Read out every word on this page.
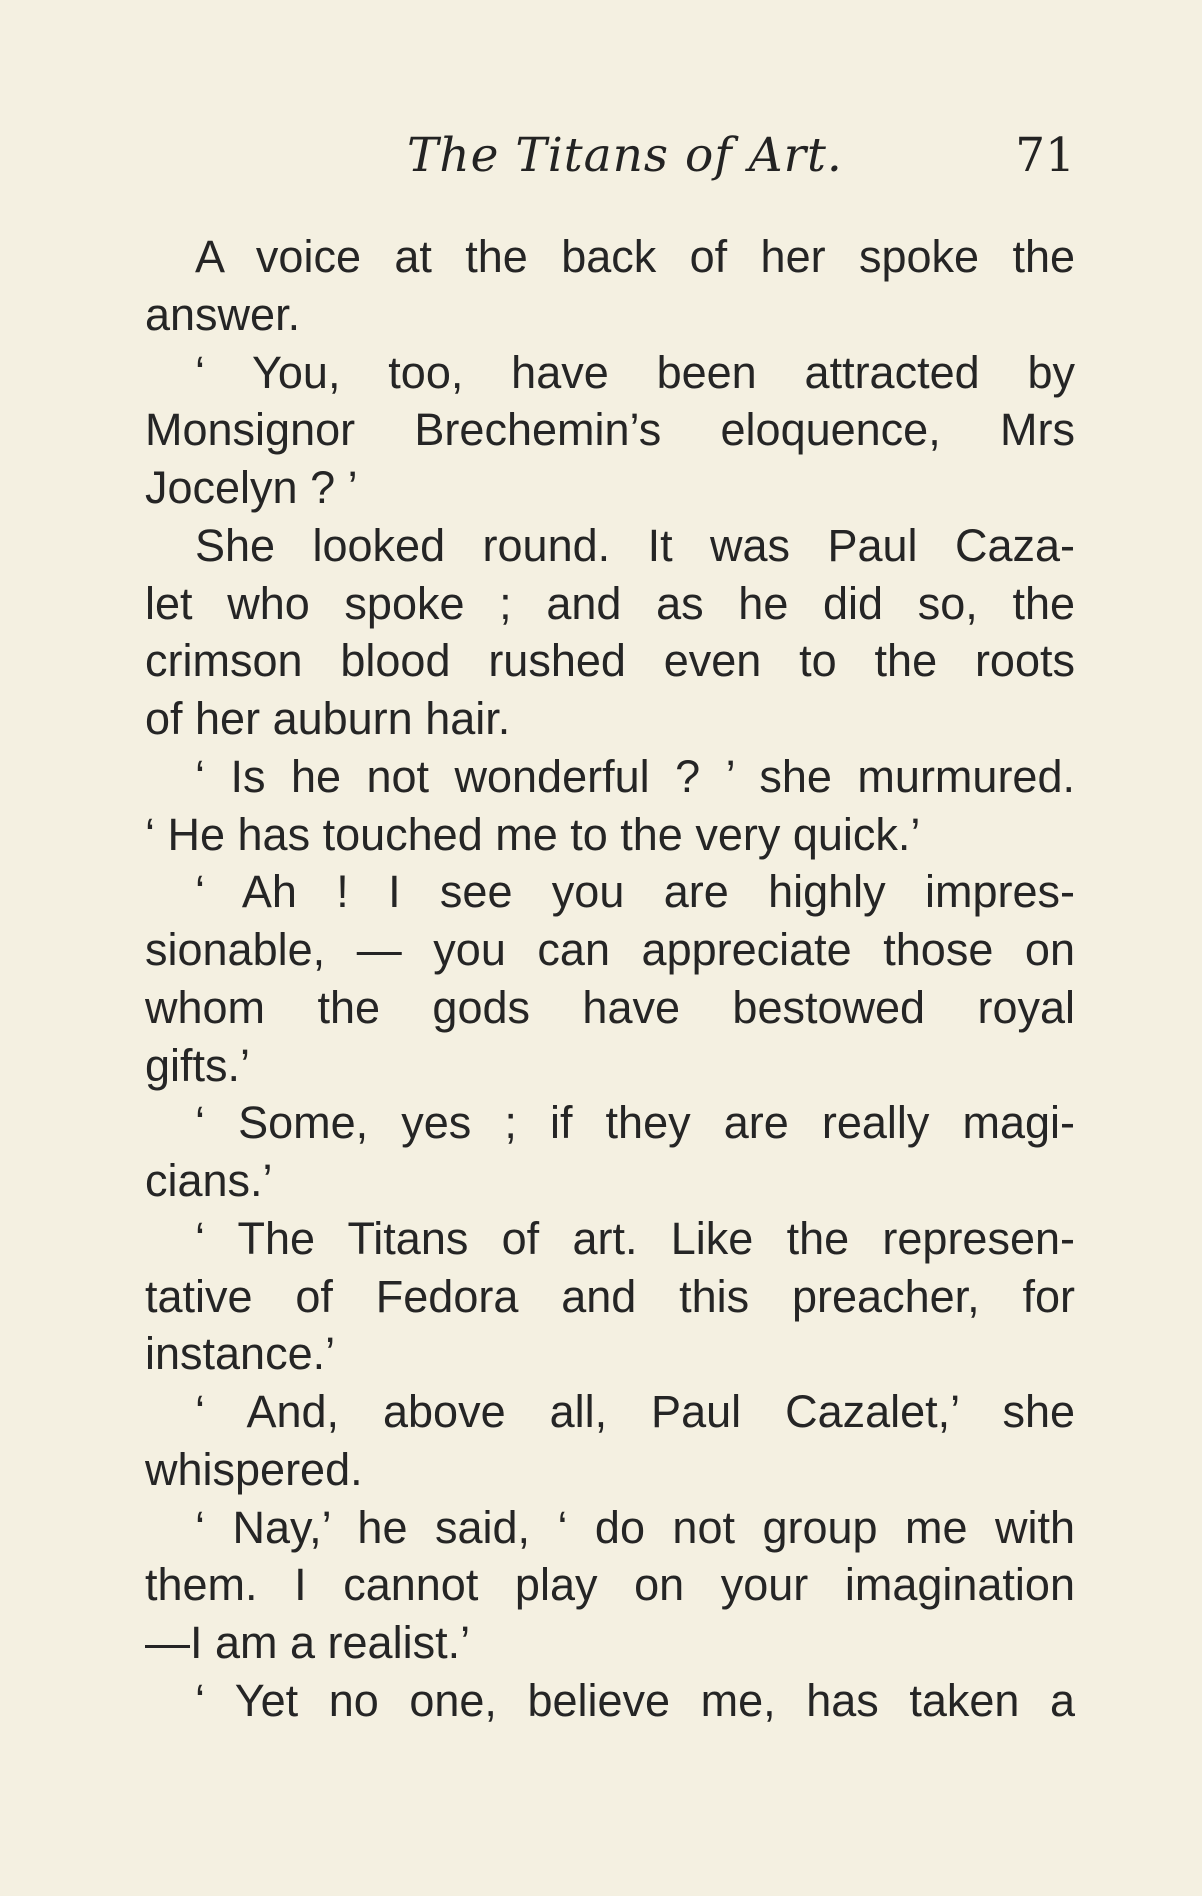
The Titans of Art.	71
A voice at the back of her spoke the
answer.
‘ You, too, have been attracted by
Monsignor Brechemin’s eloquence, Mrs
Jocelyn ? ’
She looked round. It was Paul Caza-
let who spoke ; and as he did so, the
crimson blood rushed even to the roots
of her auburn hair.
‘ Is he not wonderful ? ’ she murmured.
‘ He has touched me to the very quick.’
‘ Ah ! I see you are highly impres-
sionable, — you can appreciate those on
whom the gods have bestowed royal
gifts.’
‘ Some, yes ; if they are really magi-
cians.’
‘ The Titans of art. Like the represen-
tative of Fedora and this preacher, for
instance.’
‘ And, above all, Paul Cazalet,’ she
whispered.
‘ Nay,’ he said, ‘ do not group me with
them. I cannot play on your imagination
—I am a realist.’
‘ Yet no one, believe me, has taken a
